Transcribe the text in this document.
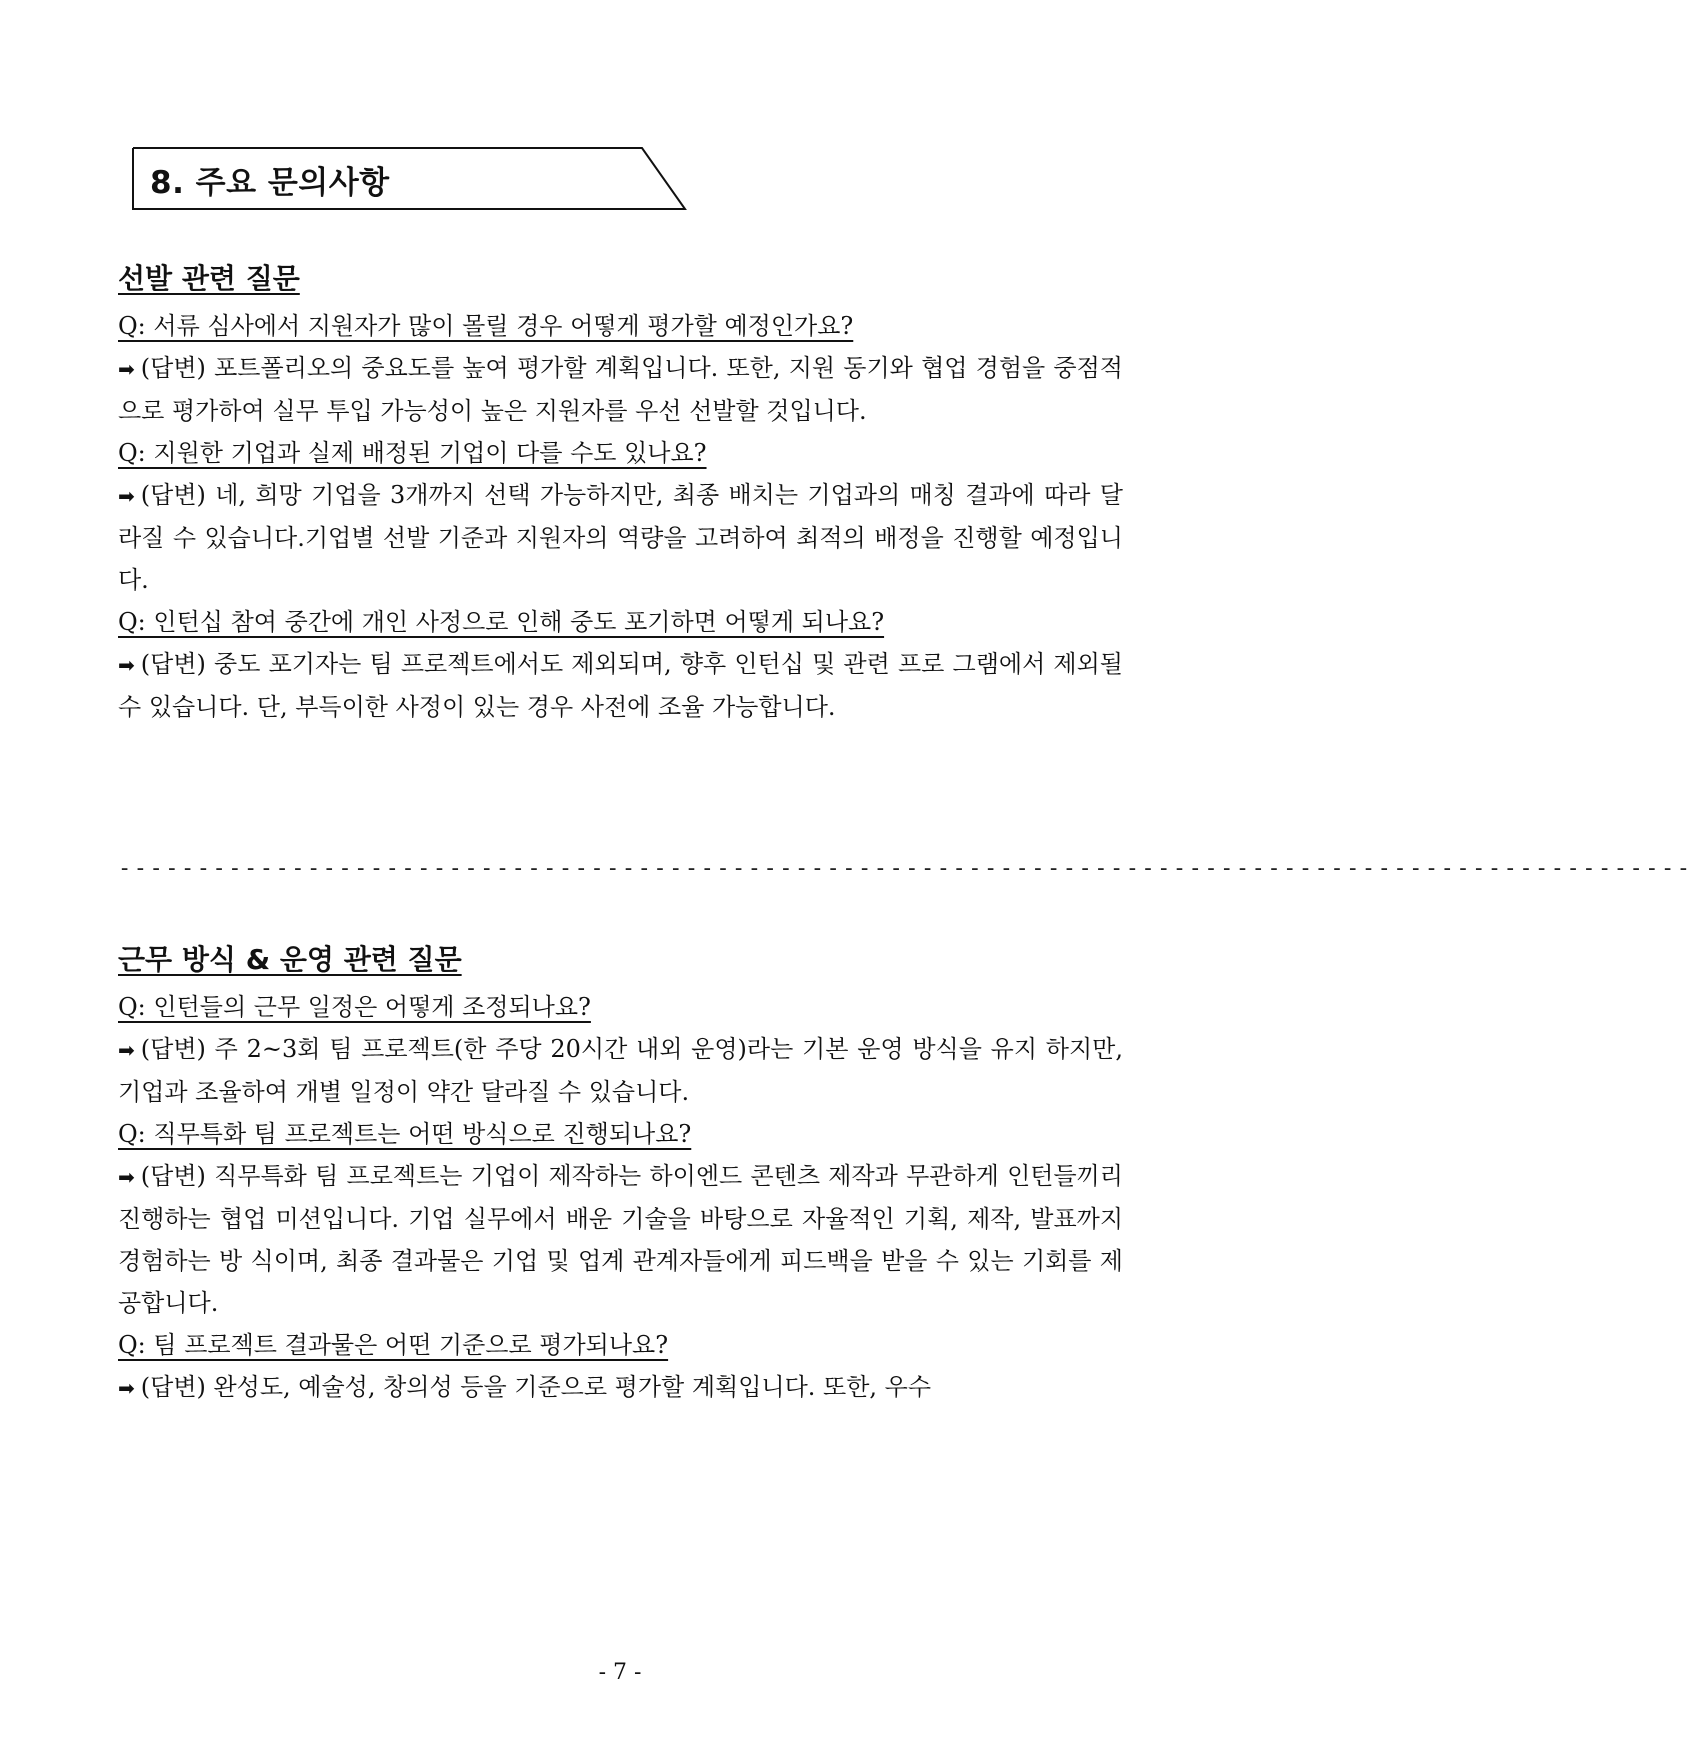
8. 주요 문의사항
선발 관련 질문
Q: 서류 심사에서 지원자가 많이 몰릴 경우 어떻게 평가할 예정인가요?
➡ (답변) 포트폴리오의 중요도를 높여 평가할 계획입니다. 또한, 지원 동기와 협업 경험을 중점적으로 평가하여 실무 투입 가능성이 높은 지원자를 우선 선발할 것입니다.
Q: 지원한 기업과 실제 배정된 기업이 다를 수도 있나요?
➡ (답변) 네, 희망 기업을 3개까지 선택 가능하지만, 최종 배치는 기업과의 매칭 결과에 따라 달라질 수 있습니다.기업별 선발 기준과 지원자의 역량을 고려하여 최적의 배정을 진행할 예정입니다.
Q: 인턴십 참여 중간에 개인 사정으로 인해 중도 포기하면 어떻게 되나요?
➡ (답변) 중도 포기자는 팀 프로젝트에서도 제외되며, 향후 인턴십 및 관련 프로 그램에서 제외될 수 있습니다. 단, 부득이한 사정이 있는 경우 사전에 조율 가능합니다.
----------------------------------------------------------------------------------------------------
근무 방식 & 운영 관련 질문
Q: 인턴들의 근무 일정은 어떻게 조정되나요?
➡ (답변) 주 2~3회 팀 프로젝트(한 주당 20시간 내외 운영)라는 기본 운영 방식을 유지 하지만, 기업과 조율하여 개별 일정이 약간 달라질 수 있습니다.
Q: 직무특화 팀 프로젝트는 어떤 방식으로 진행되나요?
➡ (답변) 직무특화 팀 프로젝트는 기업이 제작하는 하이엔드 콘텐츠 제작과 무관하게 인턴들끼리 진행하는 협업 미션입니다. 기업 실무에서 배운 기술을 바탕으로 자율적인 기획, 제작, 발표까지 경험하는 방 식이며, 최종 결과물은 기업 및 업계 관계자들에게 피드백을 받을 수 있는 기회를 제공합니다.
Q: 팀 프로젝트 결과물은 어떤 기준으로 평가되나요?
➡ (답변) 완성도, 예술성, 창의성 등을 기준으로 평가할 계획입니다. 또한, 우수
- 7 -
